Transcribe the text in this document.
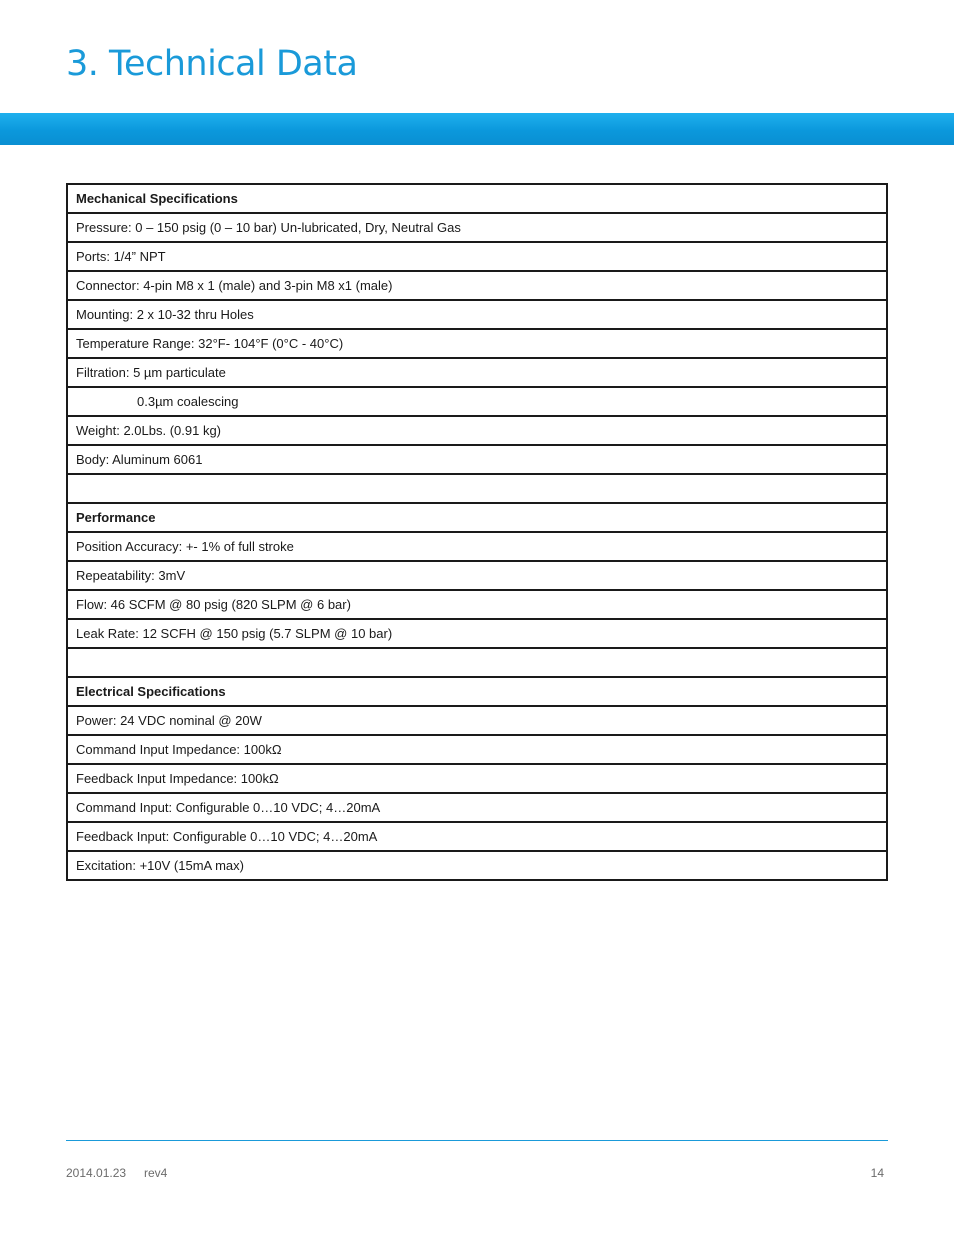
3. Technical Data
Mechanical Specifications
Pressure: 0 – 150 psig (0 – 10 bar) Un-lubricated, Dry, Neutral Gas
Ports: 1/4” NPT
Connector: 4-pin M8 x 1 (male) and 3-pin M8 x1 (male)
Mounting: 2 x 10-32 thru Holes
Temperature Range: 32°F- 104°F (0°C - 40°C)
Filtration: 5 µm particulate
0.3µm coalescing
Weight: 2.0Lbs. (0.91 kg)
Body: Aluminum 6061

Performance
Position Accuracy: +- 1% of full stroke
Repeatability: 3mV
Flow: 46 SCFM @ 80 psig (820 SLPM @ 6 bar)
Leak Rate: 12 SCFH @ 150 psig (5.7 SLPM @ 10 bar)

Electrical Specifications
Power: 24 VDC nominal @ 20W
Command Input Impedance: 100kΩ
Feedback Input Impedance: 100kΩ
Command Input: Configurable 0…10 VDC; 4…20mA
Feedback Input: Configurable 0…10 VDC; 4…20mA
Excitation: +10V (15mA max)
2014.01.23 rev4	14
